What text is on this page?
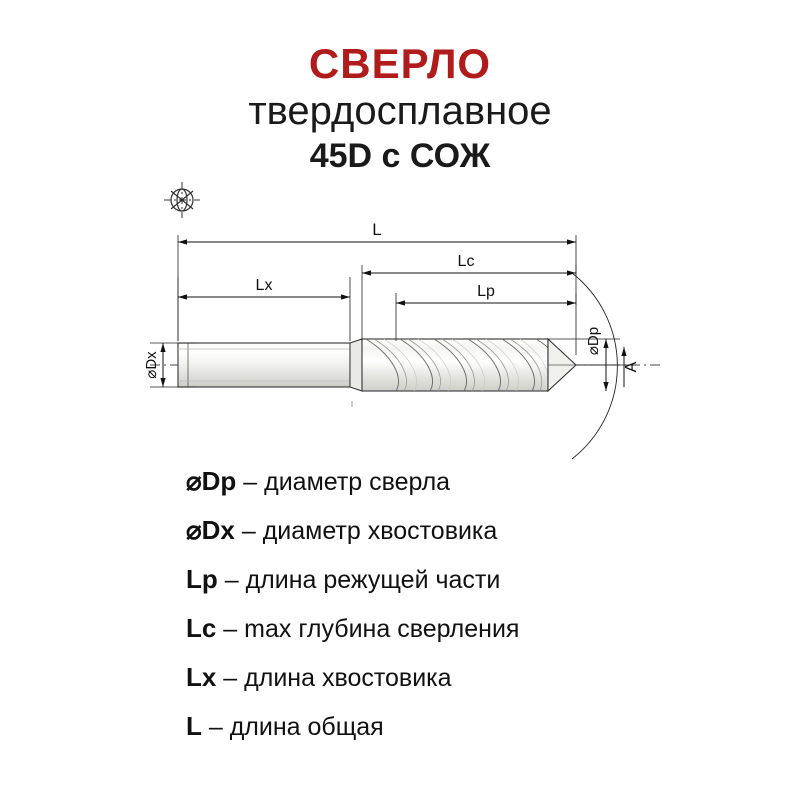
СВЕРЛО
твердосплавное
45D с СОЖ
L
Lc
Lx	Lp
⌀Dx
⌀Dp
A
⌀Dp – диаметр сверла
⌀Dx – диаметр хвостовика
Lp – длина режущей части
Lc – max глубина сверления
Lx – длина хвостовика
L – длина общая
